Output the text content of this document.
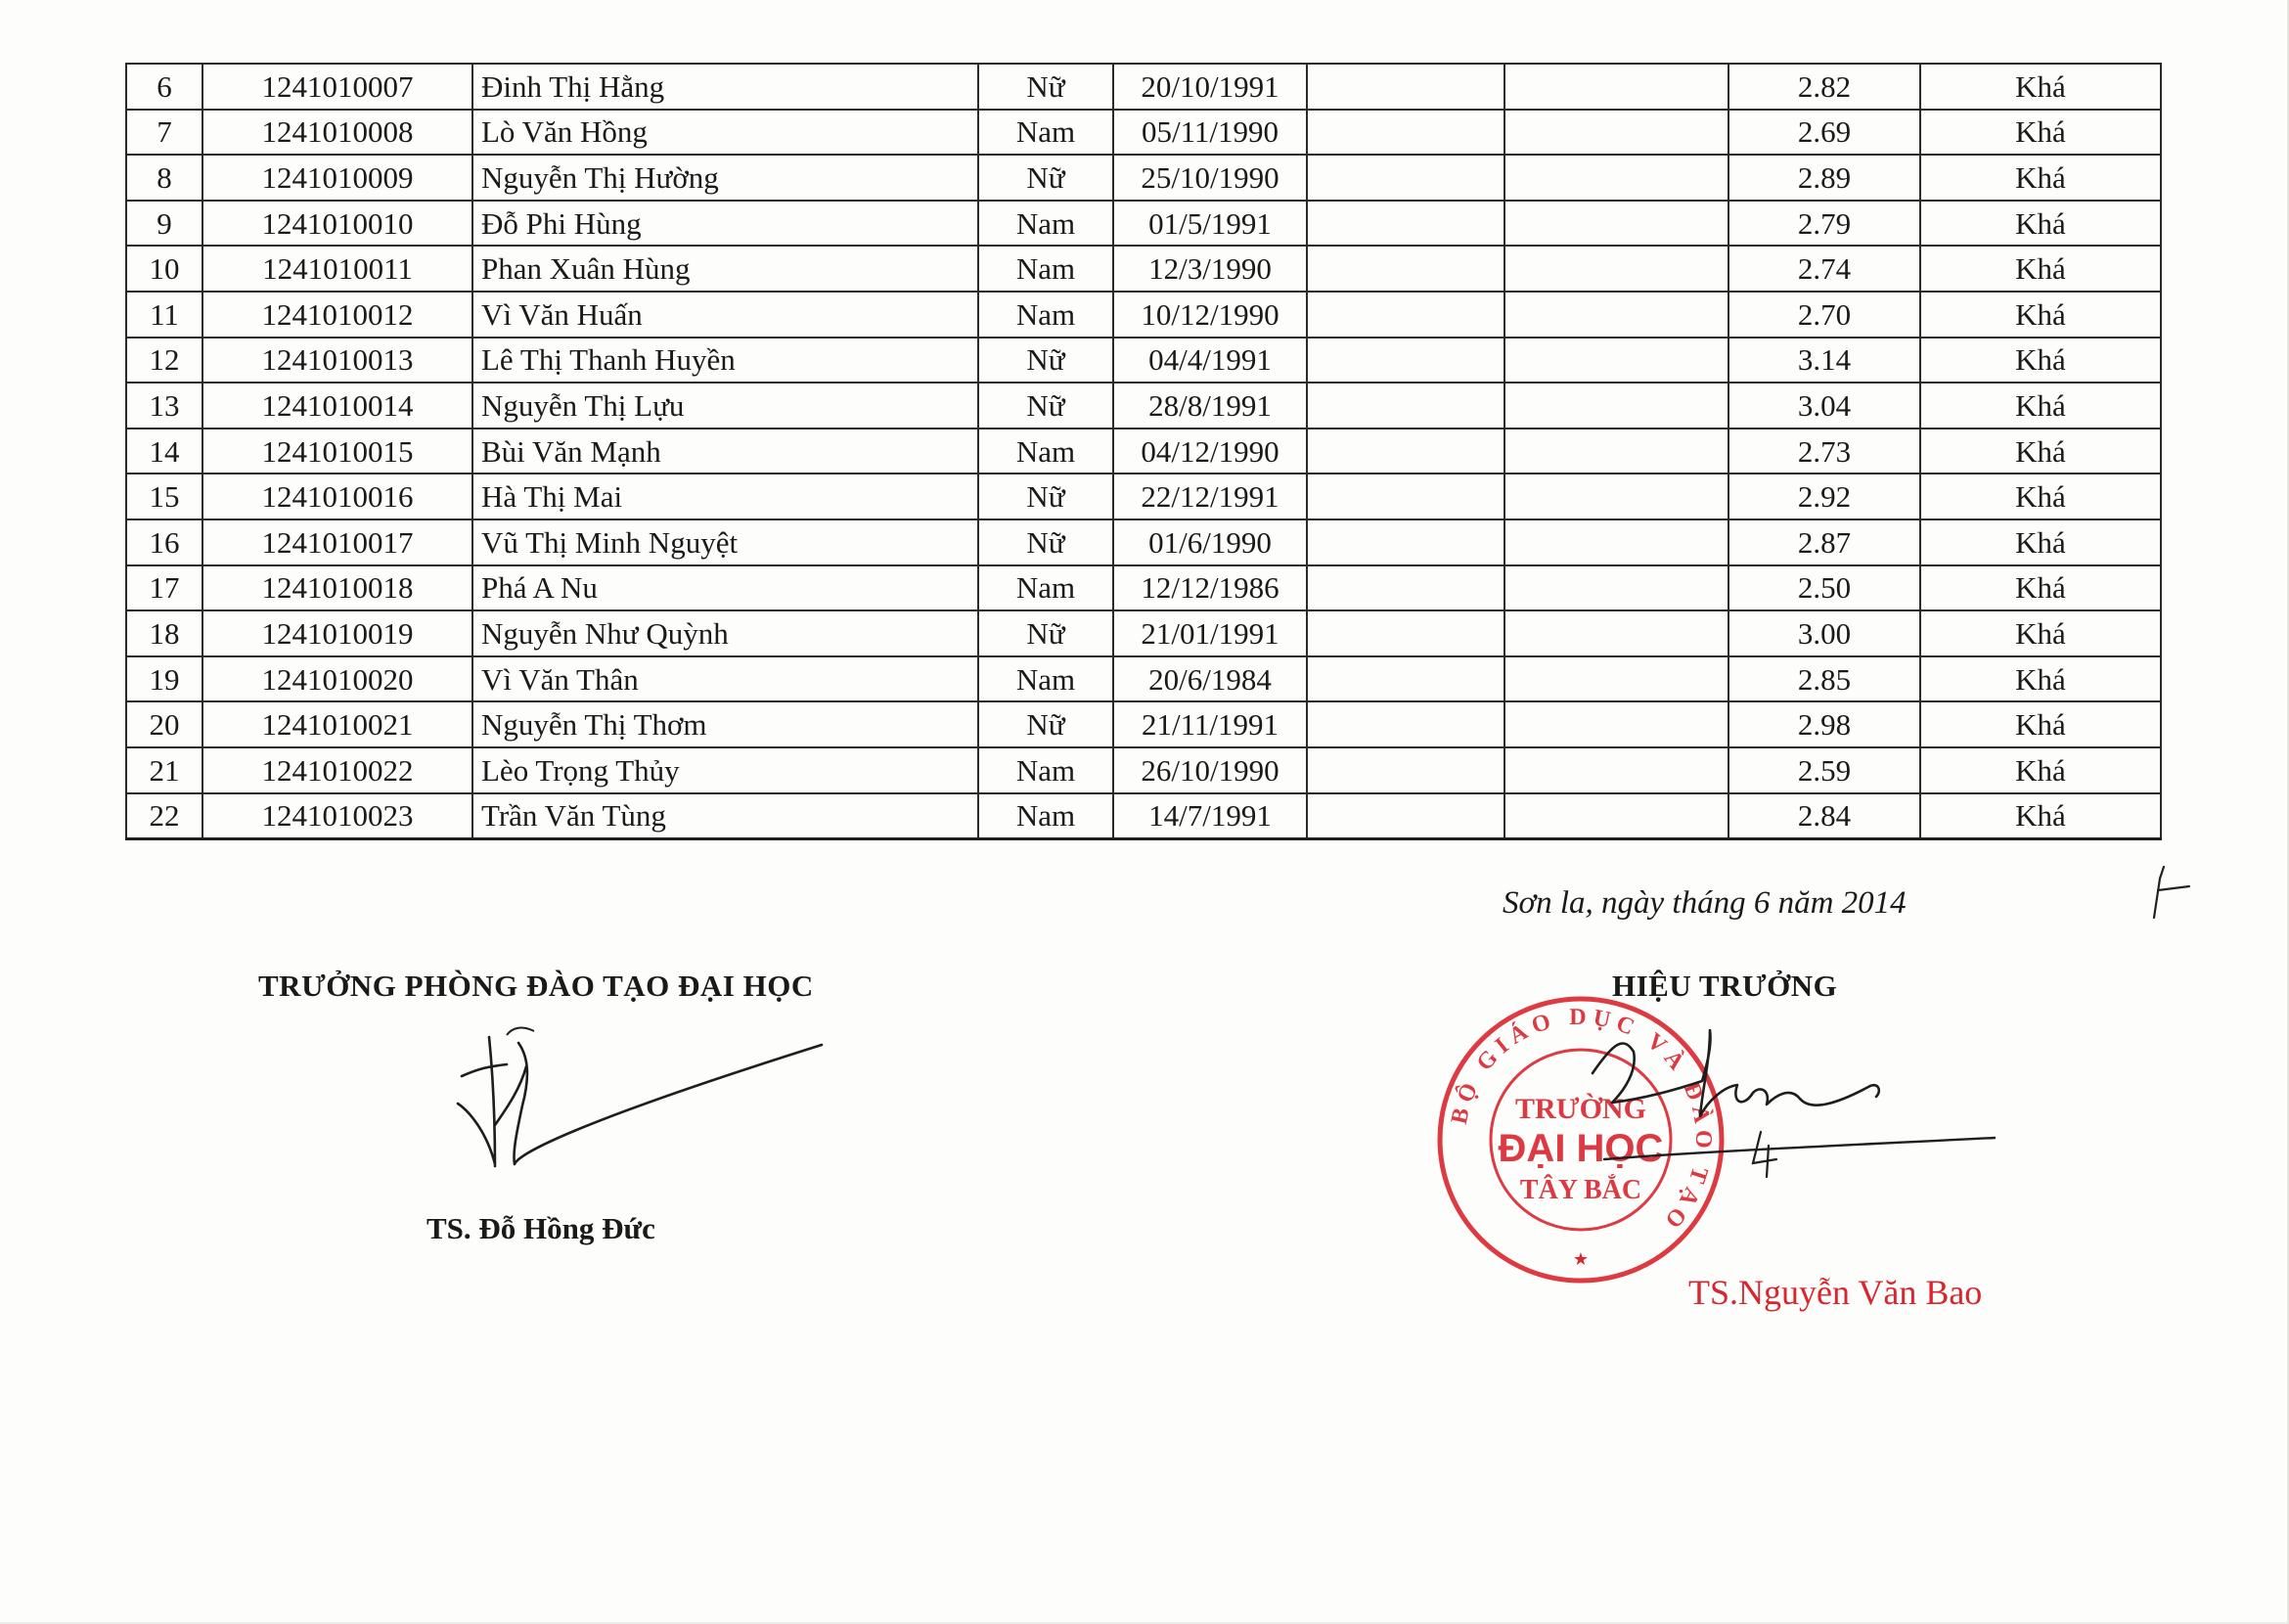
6	1241010007	Đinh Thị Hằng	Nữ	20/10/1991			2.82	Khá
7	1241010008	Lò Văn Hồng	Nam	05/11/1990			2.69	Khá
8	1241010009	Nguyễn Thị Hường	Nữ	25/10/1990			2.89	Khá
9	1241010010	Đỗ Phi Hùng	Nam	01/5/1991			2.79	Khá
10	1241010011	Phan Xuân Hùng	Nam	12/3/1990			2.74	Khá
11	1241010012	Vì Văn Huấn	Nam	10/12/1990			2.70	Khá
12	1241010013	Lê Thị Thanh Huyền	Nữ	04/4/1991			3.14	Khá
13	1241010014	Nguyễn Thị Lựu	Nữ	28/8/1991			3.04	Khá
14	1241010015	Bùi Văn Mạnh	Nam	04/12/1990			2.73	Khá
15	1241010016	Hà Thị Mai	Nữ	22/12/1991			2.92	Khá
16	1241010017	Vũ Thị Minh Nguyệt	Nữ	01/6/1990			2.87	Khá
17	1241010018	Phá A Nu	Nam	12/12/1986			2.50	Khá
18	1241010019	Nguyễn Như Quỳnh	Nữ	21/01/1991			3.00	Khá
19	1241010020	Vì Văn Thân	Nam	20/6/1984			2.85	Khá
20	1241010021	Nguyễn Thị Thơm	Nữ	21/11/1991			2.98	Khá
21	1241010022	Lèo Trọng Thủy	Nam	26/10/1990			2.59	Khá
22	1241010023	Trần Văn Tùng	Nam	14/7/1991			2.84	Khá
Sơn la, ngày tháng 6 năm 2014
TRƯỞNG PHÒNG ĐÀO TẠO ĐẠI HỌC	HIỆU TRƯỞNG
TS. Đỗ Hồng Đức
BỘ GIÁO DỤC VÀ ĐÀO TẠO
TRƯỜNG
ĐẠI HỌC
TÂY BẮC
★
TS.Nguyễn Văn Bao
